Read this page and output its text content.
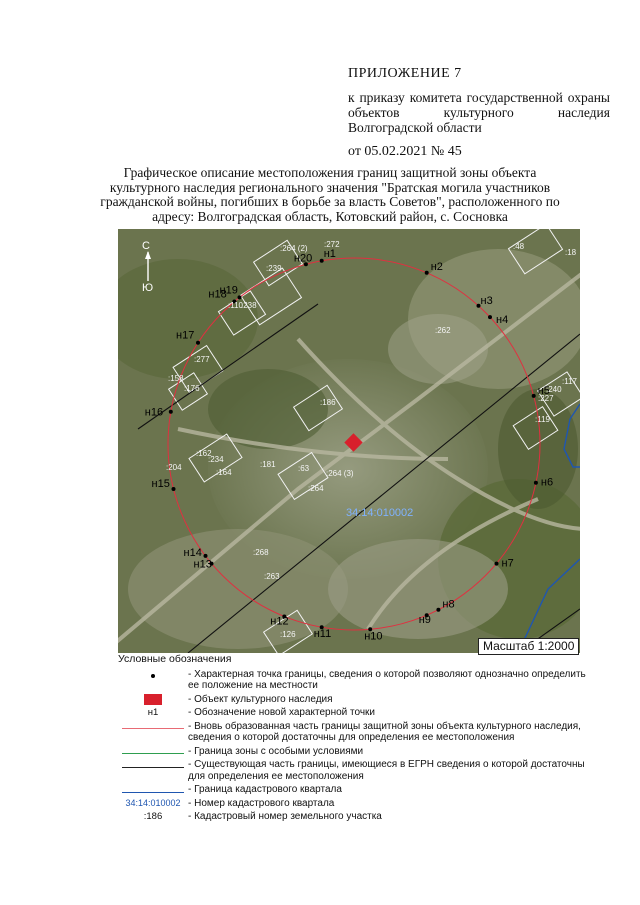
ПРИЛОЖЕНИЕ 7
к приказу комитета государственной охраны объектов культурного наследия Волгоградской области
от 05.02.2021 № 45
Графическое описание местоположения границ защитной зоны объекта культурного наследия регионального значения "Братская могила участников гражданской войны, погибших в борьбе за власть Советов", расположенного по адресу: Волгоградская область, Котовский район, с. Сосновка
н1
н2
н3
н4
н5
н6
н7
н8
н9
н10
н11
н12
н13
н14
н15
н16
н17
н18
н19
н20
:264 (2) :272	:48
:18
:239
:110
:238
:262
:277
:158
:176
:186
:117
:240
:227
:119
:162
:234
:204
:164
:181	:63
:264 (3)
:264
:268
:263
:126
34:14:010002
С
Ю
Масштаб 1:2000
Условные обозначения
- Характерная точка границы, сведения о которой позволяют однозначно определить ее положение на местности
- Объект культурного наследия
н1	- Обозначение новой характерной точки
- Вновь образованная часть границы защитной зоны объекта культурного наследия, сведения о которой достаточны для определения ее местоположения
- Граница зоны с особыми условиями
- Существующая часть границы, имеющиеся в ЕГРН сведения о которой достаточны для определения ее местоположения
- Граница кадастрового квартала
34:14:010002 - Номер кадастрового квартала
:186	- Кадастровый номер земельного участка
